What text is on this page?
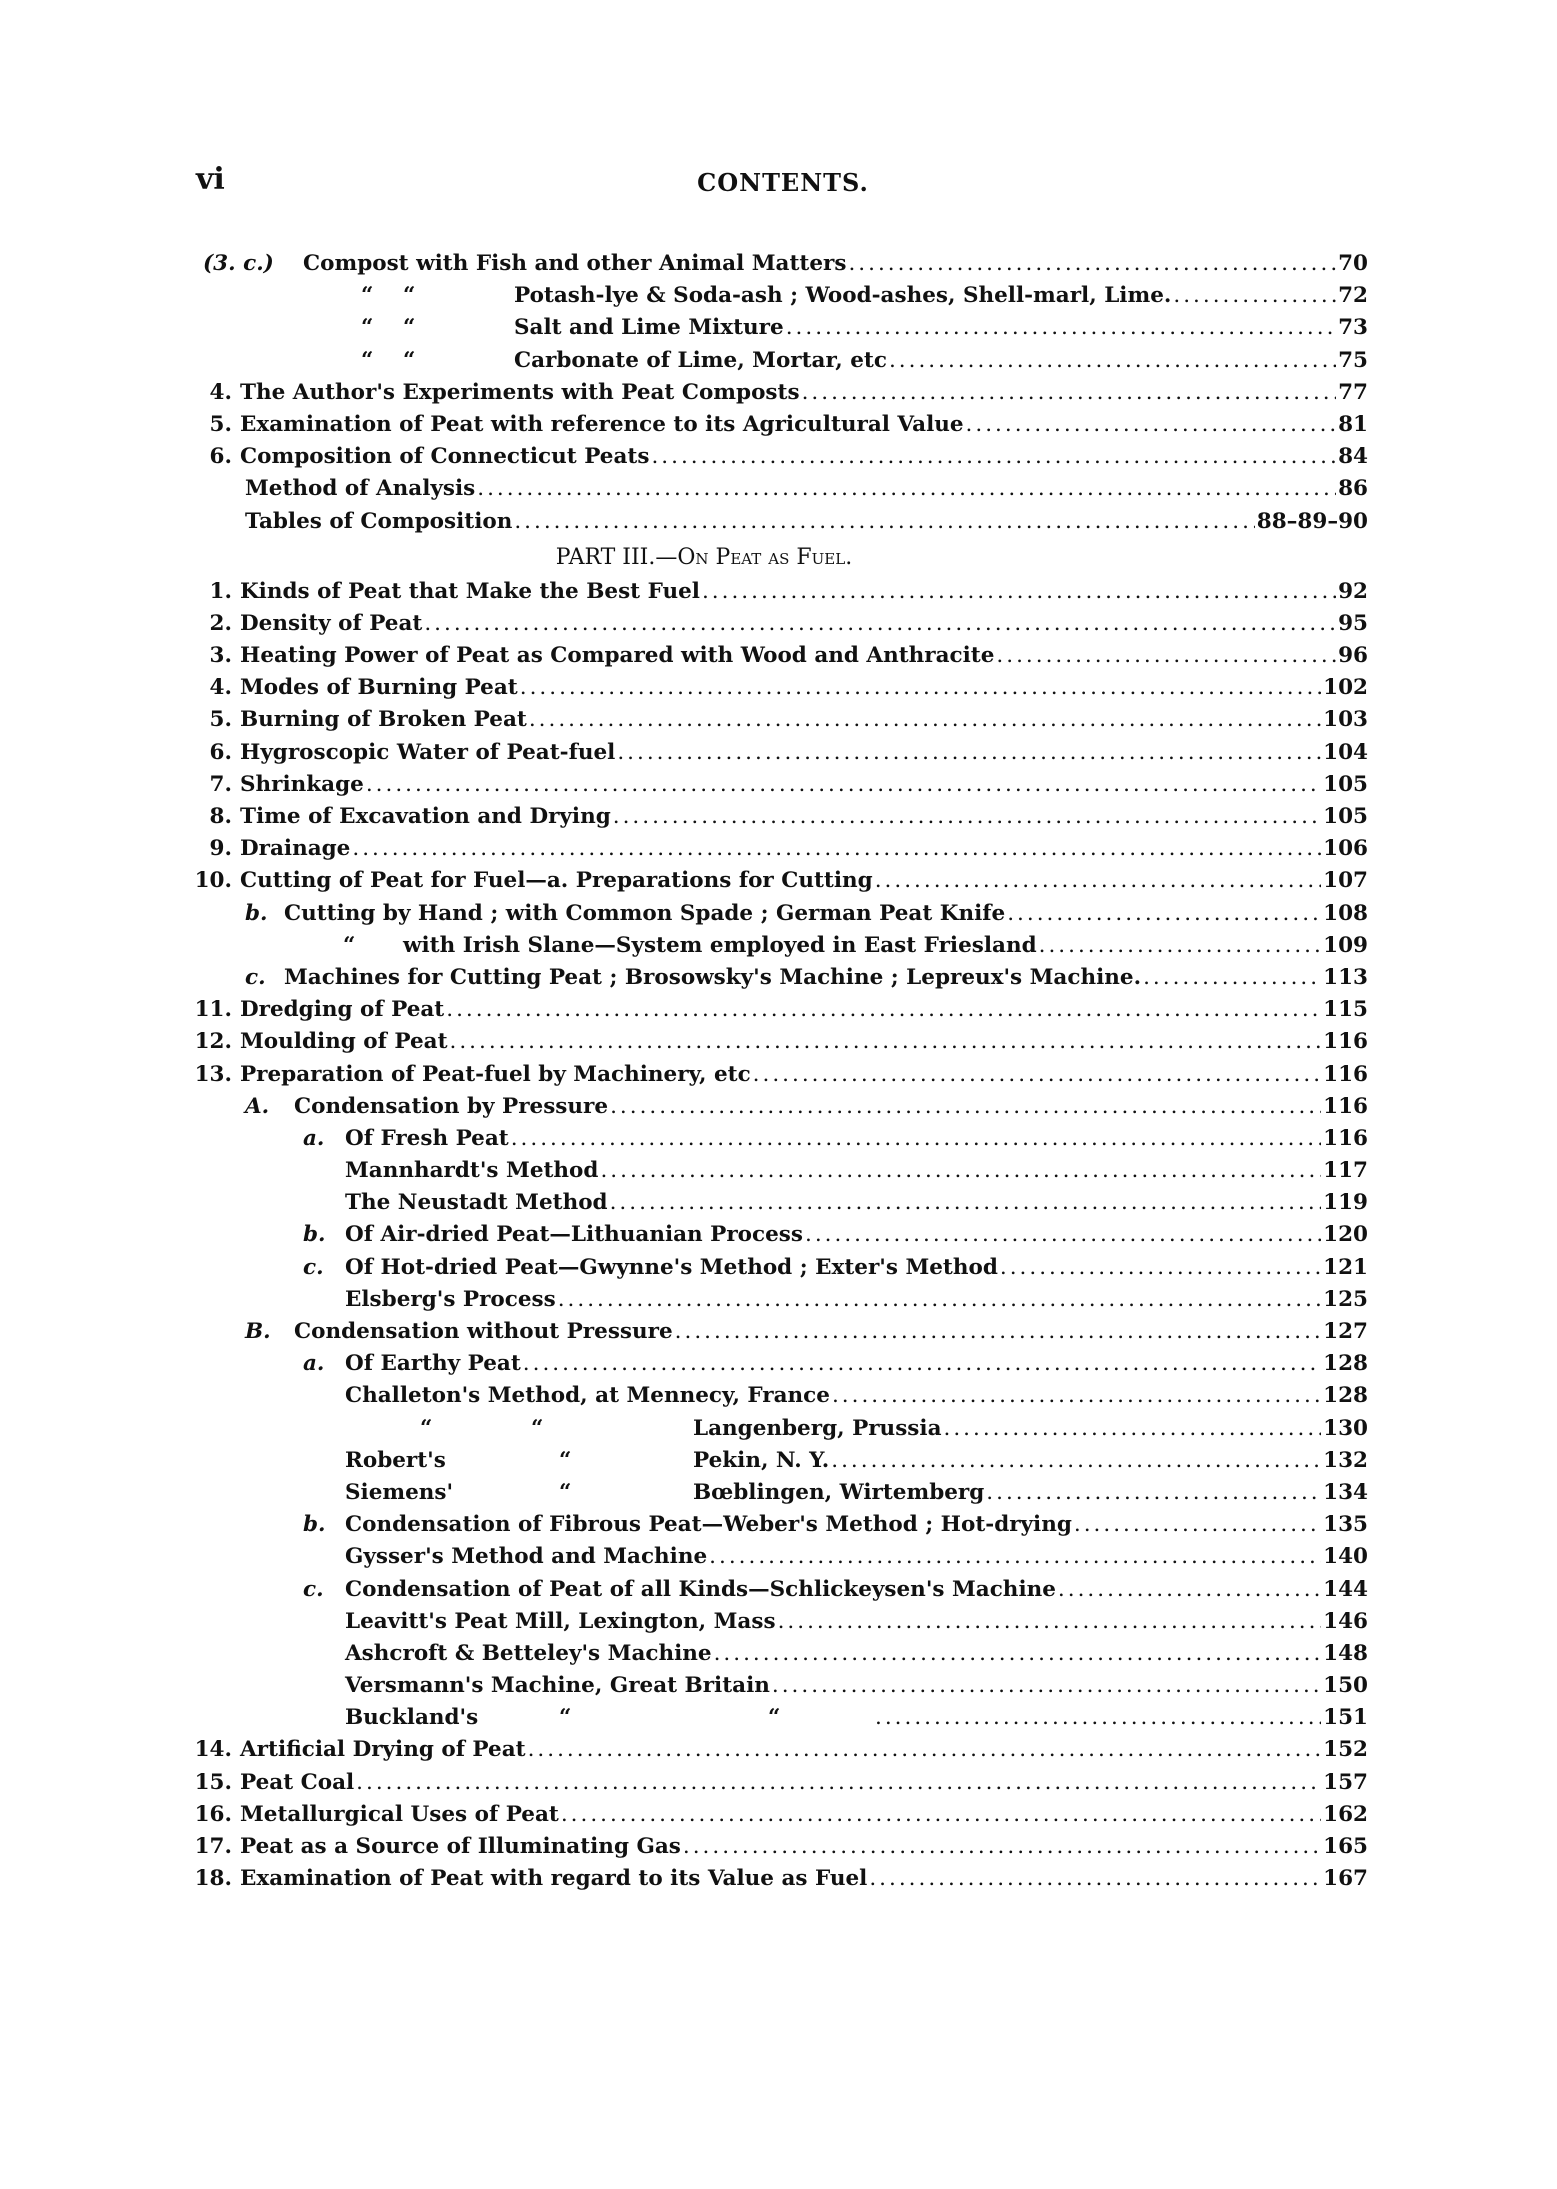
vi	CONTENTS.
(3. c.) Compost with Fish and other Animal Matters .....	70
“ “	Potash-lye & Soda-ash ; Wood-ashes, Shell-marl, Lime. .....	72
“ “	Salt and Lime Mixture .....	73
“ “	Carbonate of Lime, Mortar, etc .....	75
4. The Author's Experiments with Peat Composts .....	77
5. Examination of Peat with reference to its Agricultural Value .....	81
6. Composition of Connecticut Peats .....	84
Method of Analysis .....	86
Tables of Composition .....	88–89–90
PART III.—On Peat as Fuel.
1. Kinds of Peat that Make the Best Fuel .....	92
2. Density of Peat .....	95
3. Heating Power of Peat as Compared with Wood and Anthracite .....	96
4. Modes of Burning Peat .....	102
5. Burning of Broken Peat .....	103
6. Hygroscopic Water of Peat-fuel .....	104
7. Shrinkage .....	105
8. Time of Excavation and Drying .....	105
9. Drainage .....	106
10. Cutting of Peat for Fuel—a. Preparations for Cutting .....	107
b. Cutting by Hand ; with Common Spade ; German Peat Knife .....	108
“ with Irish Slane—System employed in East Friesland .....	109
c. Machines for Cutting Peat ; Brosowsky's Machine ; Lepreux's Machine. .....	113
11. Dredging of Peat .....	115
12. Moulding of Peat .....	116
13. Preparation of Peat-fuel by Machinery, etc .....	116
A. Condensation by Pressure .....	116
a. Of Fresh Peat .....	116
Mannhardt's Method .....	117
The Neustadt Method .....	119
b. Of Air-dried Peat—Lithuanian Process .....	120
c. Of Hot-dried Peat—Gwynne's Method ; Exter's Method .....	121
Elsberg's Process .....	125
B. Condensation without Pressure .....	127
a. Of Earthy Peat .....	128
Challeton's Method, at Mennecy, France .....	128
“	“	Langenberg, Prussia .....	130
Robert's	“	Pekin, N. Y. .....	132
Siemens'	“	Bœblingen, Wirtemberg .....	134
b. Condensation of Fibrous Peat—Weber's Method ; Hot-drying .....	135
Gysser's Method and Machine .....	140
c. Condensation of Peat of all Kinds—Schlickeysen's Machine .....	144
Leavitt's Peat Mill, Lexington, Mass .....	146
Ashcroft & Betteley's Machine .....	148
Versmann's Machine, Great Britain .....	150
Buckland's	“	“ .....	151
14. Artificial Drying of Peat .....	152
15. Peat Coal .....	157
16. Metallurgical Uses of Peat .....	162
17. Peat as a Source of Illuminating Gas .....	165
18. Examination of Peat with regard to its Value as Fuel .....	167
